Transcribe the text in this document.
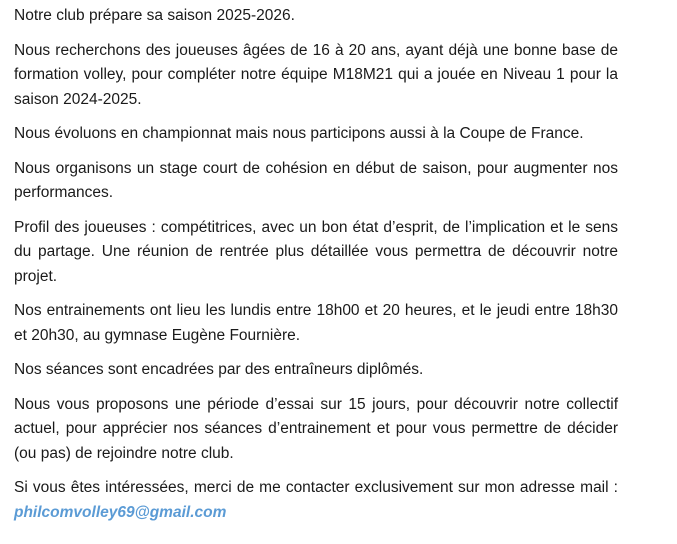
Notre club prépare sa saison 2025-2026.

Nous recherchons des joueuses âgées de 16 à 20 ans, ayant déjà une bonne base de formation volley, pour compléter notre équipe M18M21 qui a jouée en Niveau 1 pour la saison 2024-2025.

Nous évoluons en championnat mais nous participons aussi à la Coupe de France.

Nous organisons un stage court de cohésion en début de saison, pour augmenter nos performances.

Profil des joueuses : compétitrices, avec un bon état d’esprit, de l’implication et le sens du partage. Une réunion de rentrée plus détaillée vous permettra de découvrir notre projet.

Nos entrainements ont lieu les lundis entre 18h00 et 20 heures, et le jeudi entre 18h30 et 20h30, au gymnase Eugène Fournière.

Nos séances sont encadrées par des entraîneurs diplômés.

Nous vous proposons une période d’essai sur 15 jours, pour découvrir notre collectif actuel, pour apprécier nos séances d’entrainement et pour vous permettre de décider (ou pas) de rejoindre notre club.

Si vous êtes intéressées, merci de me contacter exclusivement sur mon adresse mail : philcomvolley69@gmail.com
